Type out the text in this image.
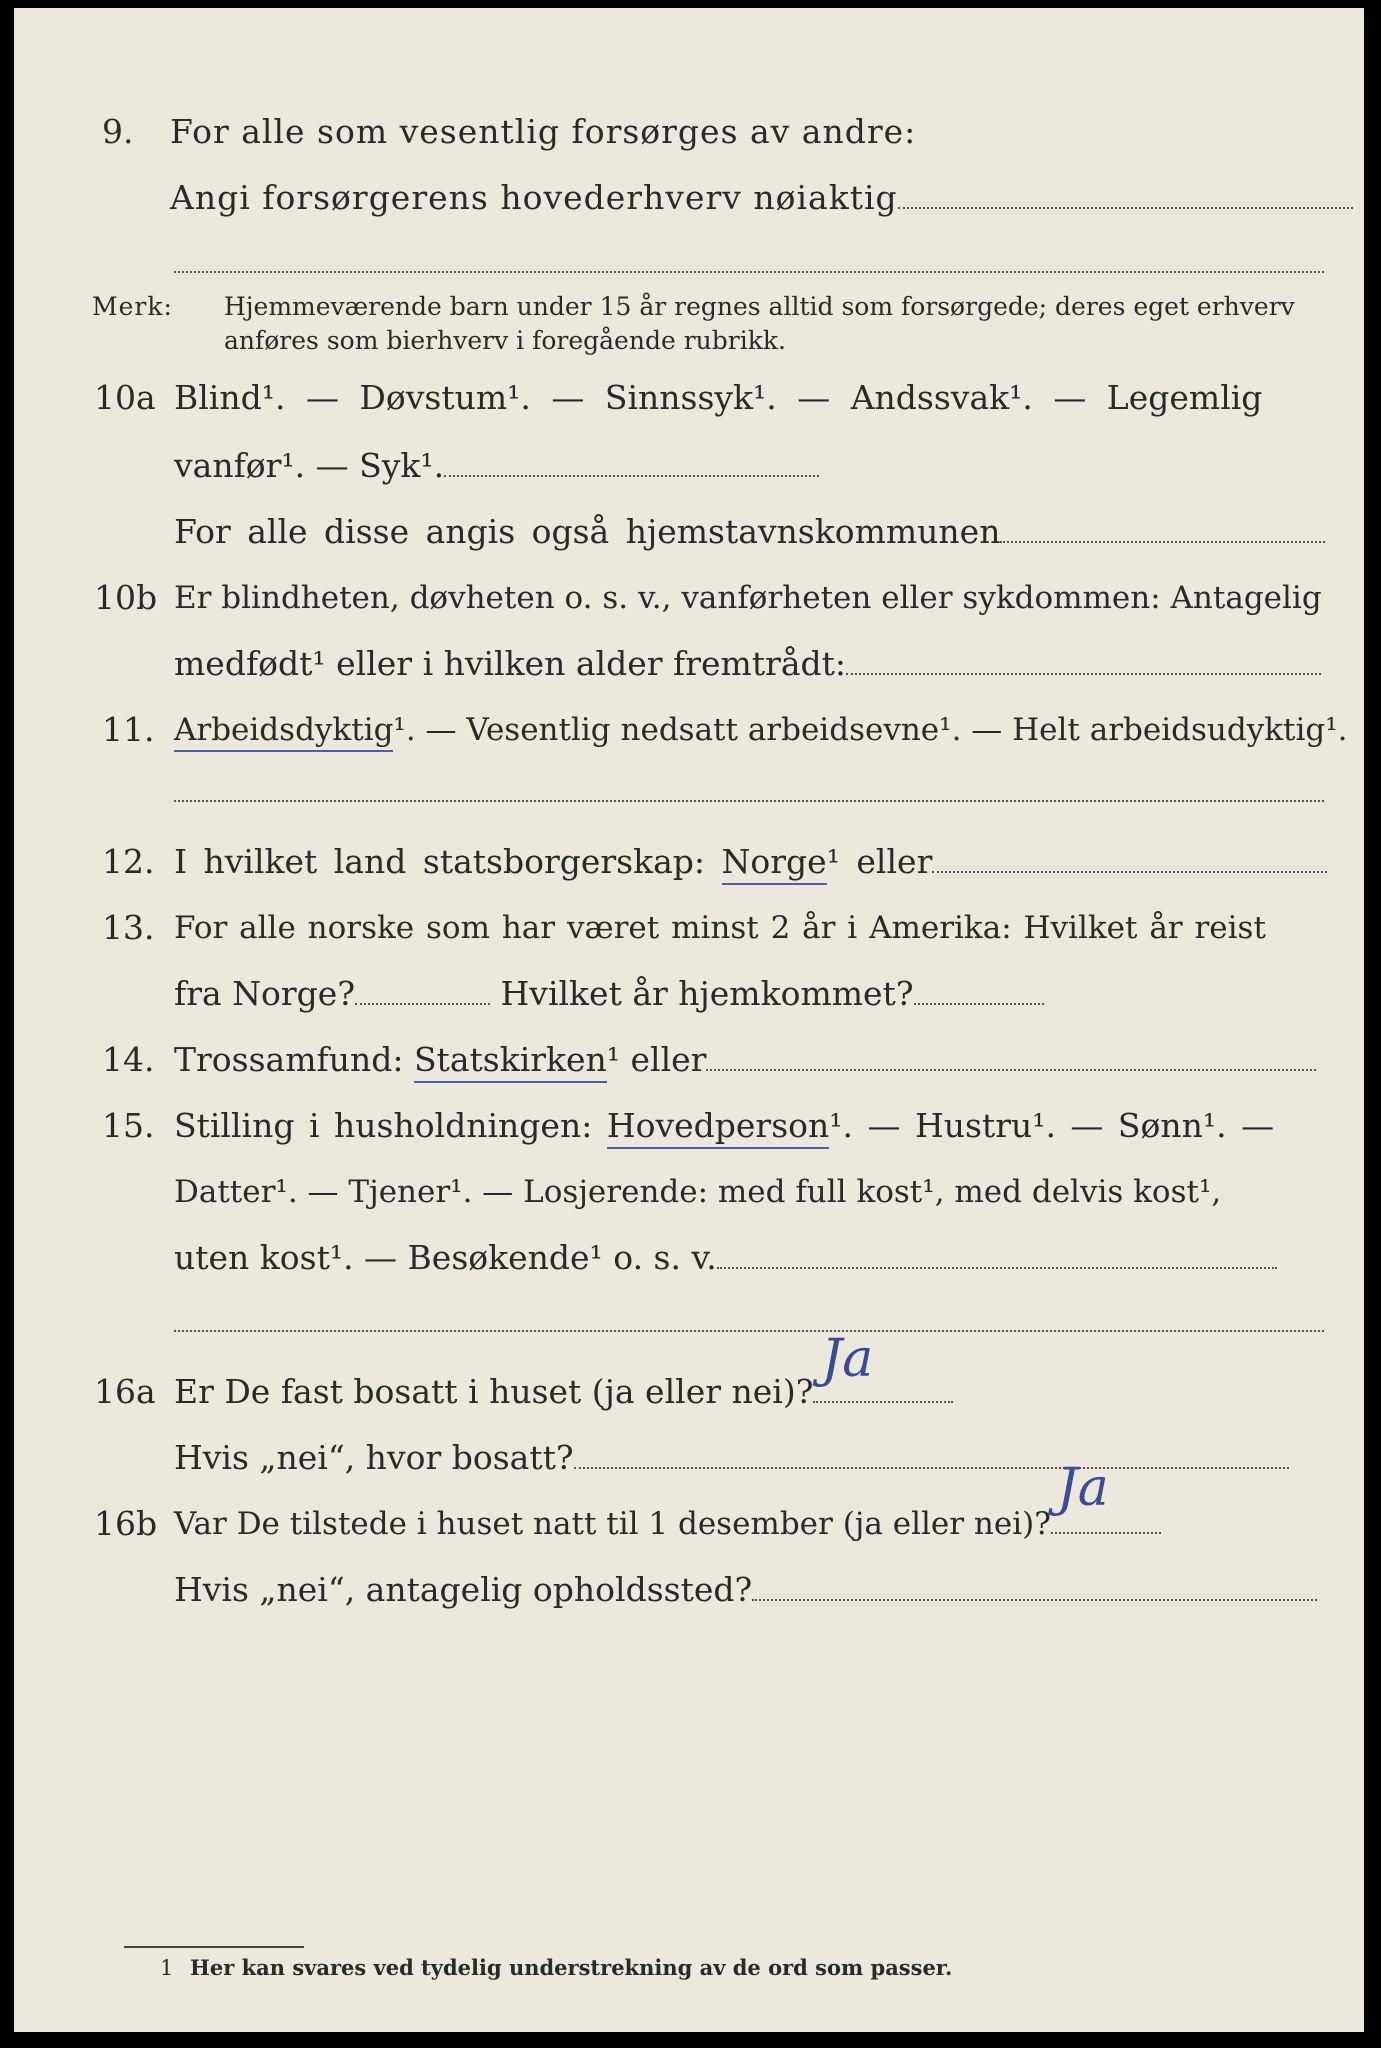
9. For alle som vesentlig forsørges av andre:
Angi forsørgerens hovederhverv nøiaktig
Merk: Hjemmeværende barn under 15 år regnes alltid som forsørgede; deres eget erhverv
anføres som bierhverv i foregående rubrikk.
10a Blind¹. — Døvstum¹. — Sinnssyk¹. — Andssvak¹. — Legemlig
vanfør¹. — Syk¹.
For alle disse angis også hjemstavnskommunen
10b Er blindheten, døvheten o. s. v., vanførheten eller sykdommen: Antagelig
medfødt¹ eller i hvilken alder fremtrådt:
11. Arbeidsdyktig¹. — Vesentlig nedsatt arbeidsevne¹. — Helt arbeidsudyktig¹.
12. I hvilket land statsborgerskap: Norge¹ eller
13. For alle norske som har været minst 2 år i Amerika: Hvilket år reist
fra Norge?	Hvilket år hjemkommet?
14. Trossamfund: Statskirken¹ eller
15. Stilling i husholdningen: Hovedperson¹. — Hustru¹. — Sønn¹. —
Datter¹. — Tjener¹. — Losjerende: med full kost¹, med delvis kost¹,
uten kost¹. — Besøkende¹ o. s. v.
16a Er De fast bosatt i huset (ja eller nei)?
Ja
Hvis „nei“, hvor bosatt?
16b Var De tilstede i huset natt til 1 desember (ja eller nei)?
Ja
Hvis „nei“, antagelig opholdssted?
1 Her kan svares ved tydelig understrekning av de ord som passer.
